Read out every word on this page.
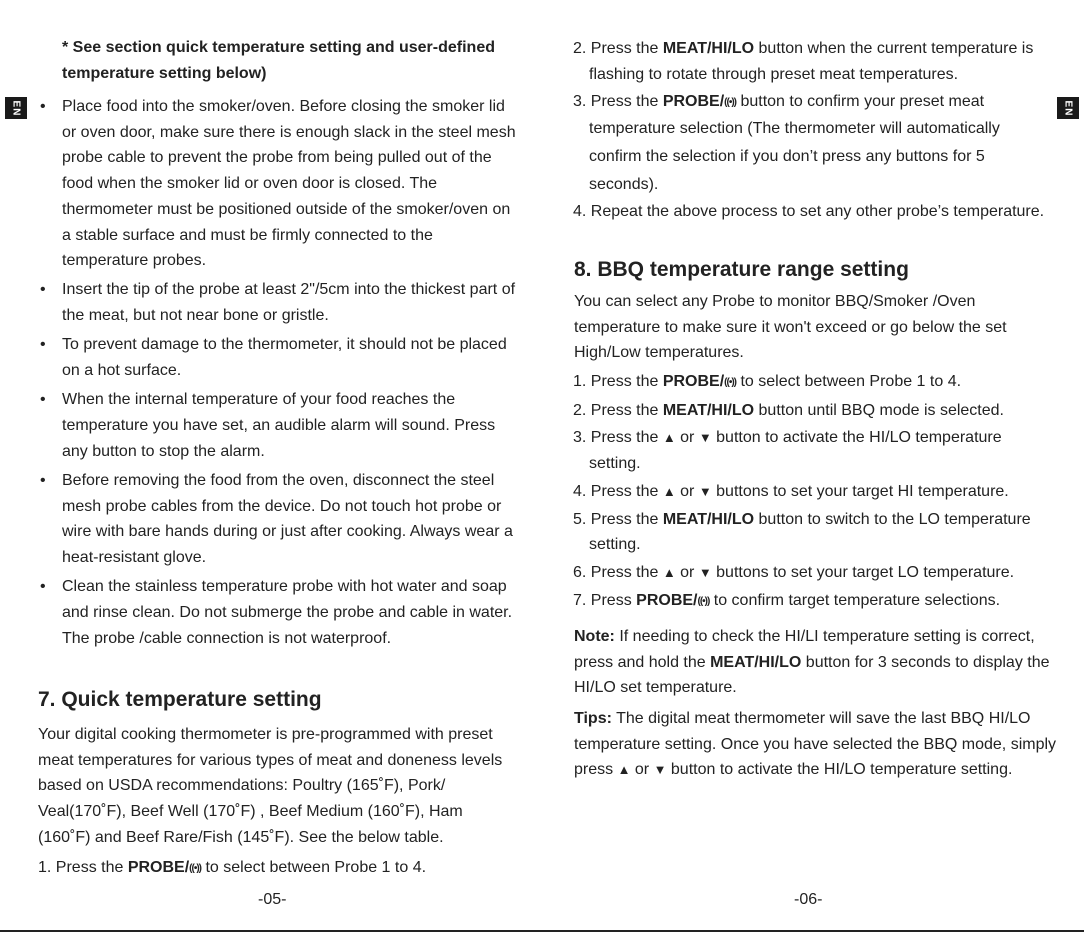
EN	EN
* See section quick temperature setting and user-defined temperature setting below)
• Place food into the smoker/oven. Before closing the smoker lid or oven door, make sure there is enough slack in the steel mesh probe cable to prevent the probe from being pulled out of the food when the smoker lid or oven door is closed. The thermometer must be positioned outside of the smoker/oven on a stable surface and must be firmly connected to the temperature probes.
• Insert the tip of the probe at least 2"/5cm into the thickest part of the meat, but not near bone or gristle.
• To prevent damage to the thermometer, it should not be placed on a hot surface.
• When the internal temperature of your food reaches the temperature you have set, an audible alarm will sound. Press any button to stop the alarm.
• Before removing the food from the oven, disconnect the steel mesh probe cables from the device. Do not touch hot probe or wire with bare hands during or just after cooking. Always wear a heat-resistant glove.
• Clean the stainless temperature probe with hot water and soap and rinse clean. Do not submerge the probe and cable in water. The probe /cable connection is not waterproof.
7. Quick temperature setting
Your digital cooking thermometer is pre-programmed with preset meat temperatures for various types of meat and doneness levels based on USDA recommendations: Poultry (165˚F), Pork/ Veal(170˚F), Beef Well (170˚F) , Beef Medium (160˚F), Ham (160˚F) and Beef Rare/Fish (145˚F). See the below table.
1. Press the PROBE/((•)) to select between Probe 1 to 4.
-05-
2. Press the MEAT/HI/LO button when the current temperature is
flashing to rotate through preset meat temperatures.
3. Press the PROBE/((•)) button to confirm your preset meat
temperature selection (The thermometer will automatically
confirm the selection if you don’t press any buttons for 5
seconds).
4. Repeat the above process to set any other probe’s temperature.
8. BBQ temperature range setting
You can select any Probe to monitor BBQ/Smoker /Oven temperature to make sure it won't exceed or go below the set High/Low temperatures.
1. Press the PROBE/((•)) to select between Probe 1 to 4.
2. Press the MEAT/HI/LO button until BBQ mode is selected.
3. Press the ▲ or ▼ button to activate the HI/LO temperature
setting.
4. Press the ▲ or ▼ buttons to set your target HI temperature.
5. Press the MEAT/HI/LO button to switch to the LO temperature
setting.
6. Press the ▲ or ▼ buttons to set your target LO temperature.
7. Press PROBE/((•)) to confirm target temperature selections.
Note: If needing to check the HI/LI temperature setting is correct, press and hold the MEAT/HI/LO button for 3 seconds to display the HI/LO set temperature.
Tips: The digital meat thermometer will save the last BBQ HI/LO temperature setting. Once you have selected the BBQ mode, simply press ▲ or ▼ button to activate the HI/LO temperature setting.
-06-
